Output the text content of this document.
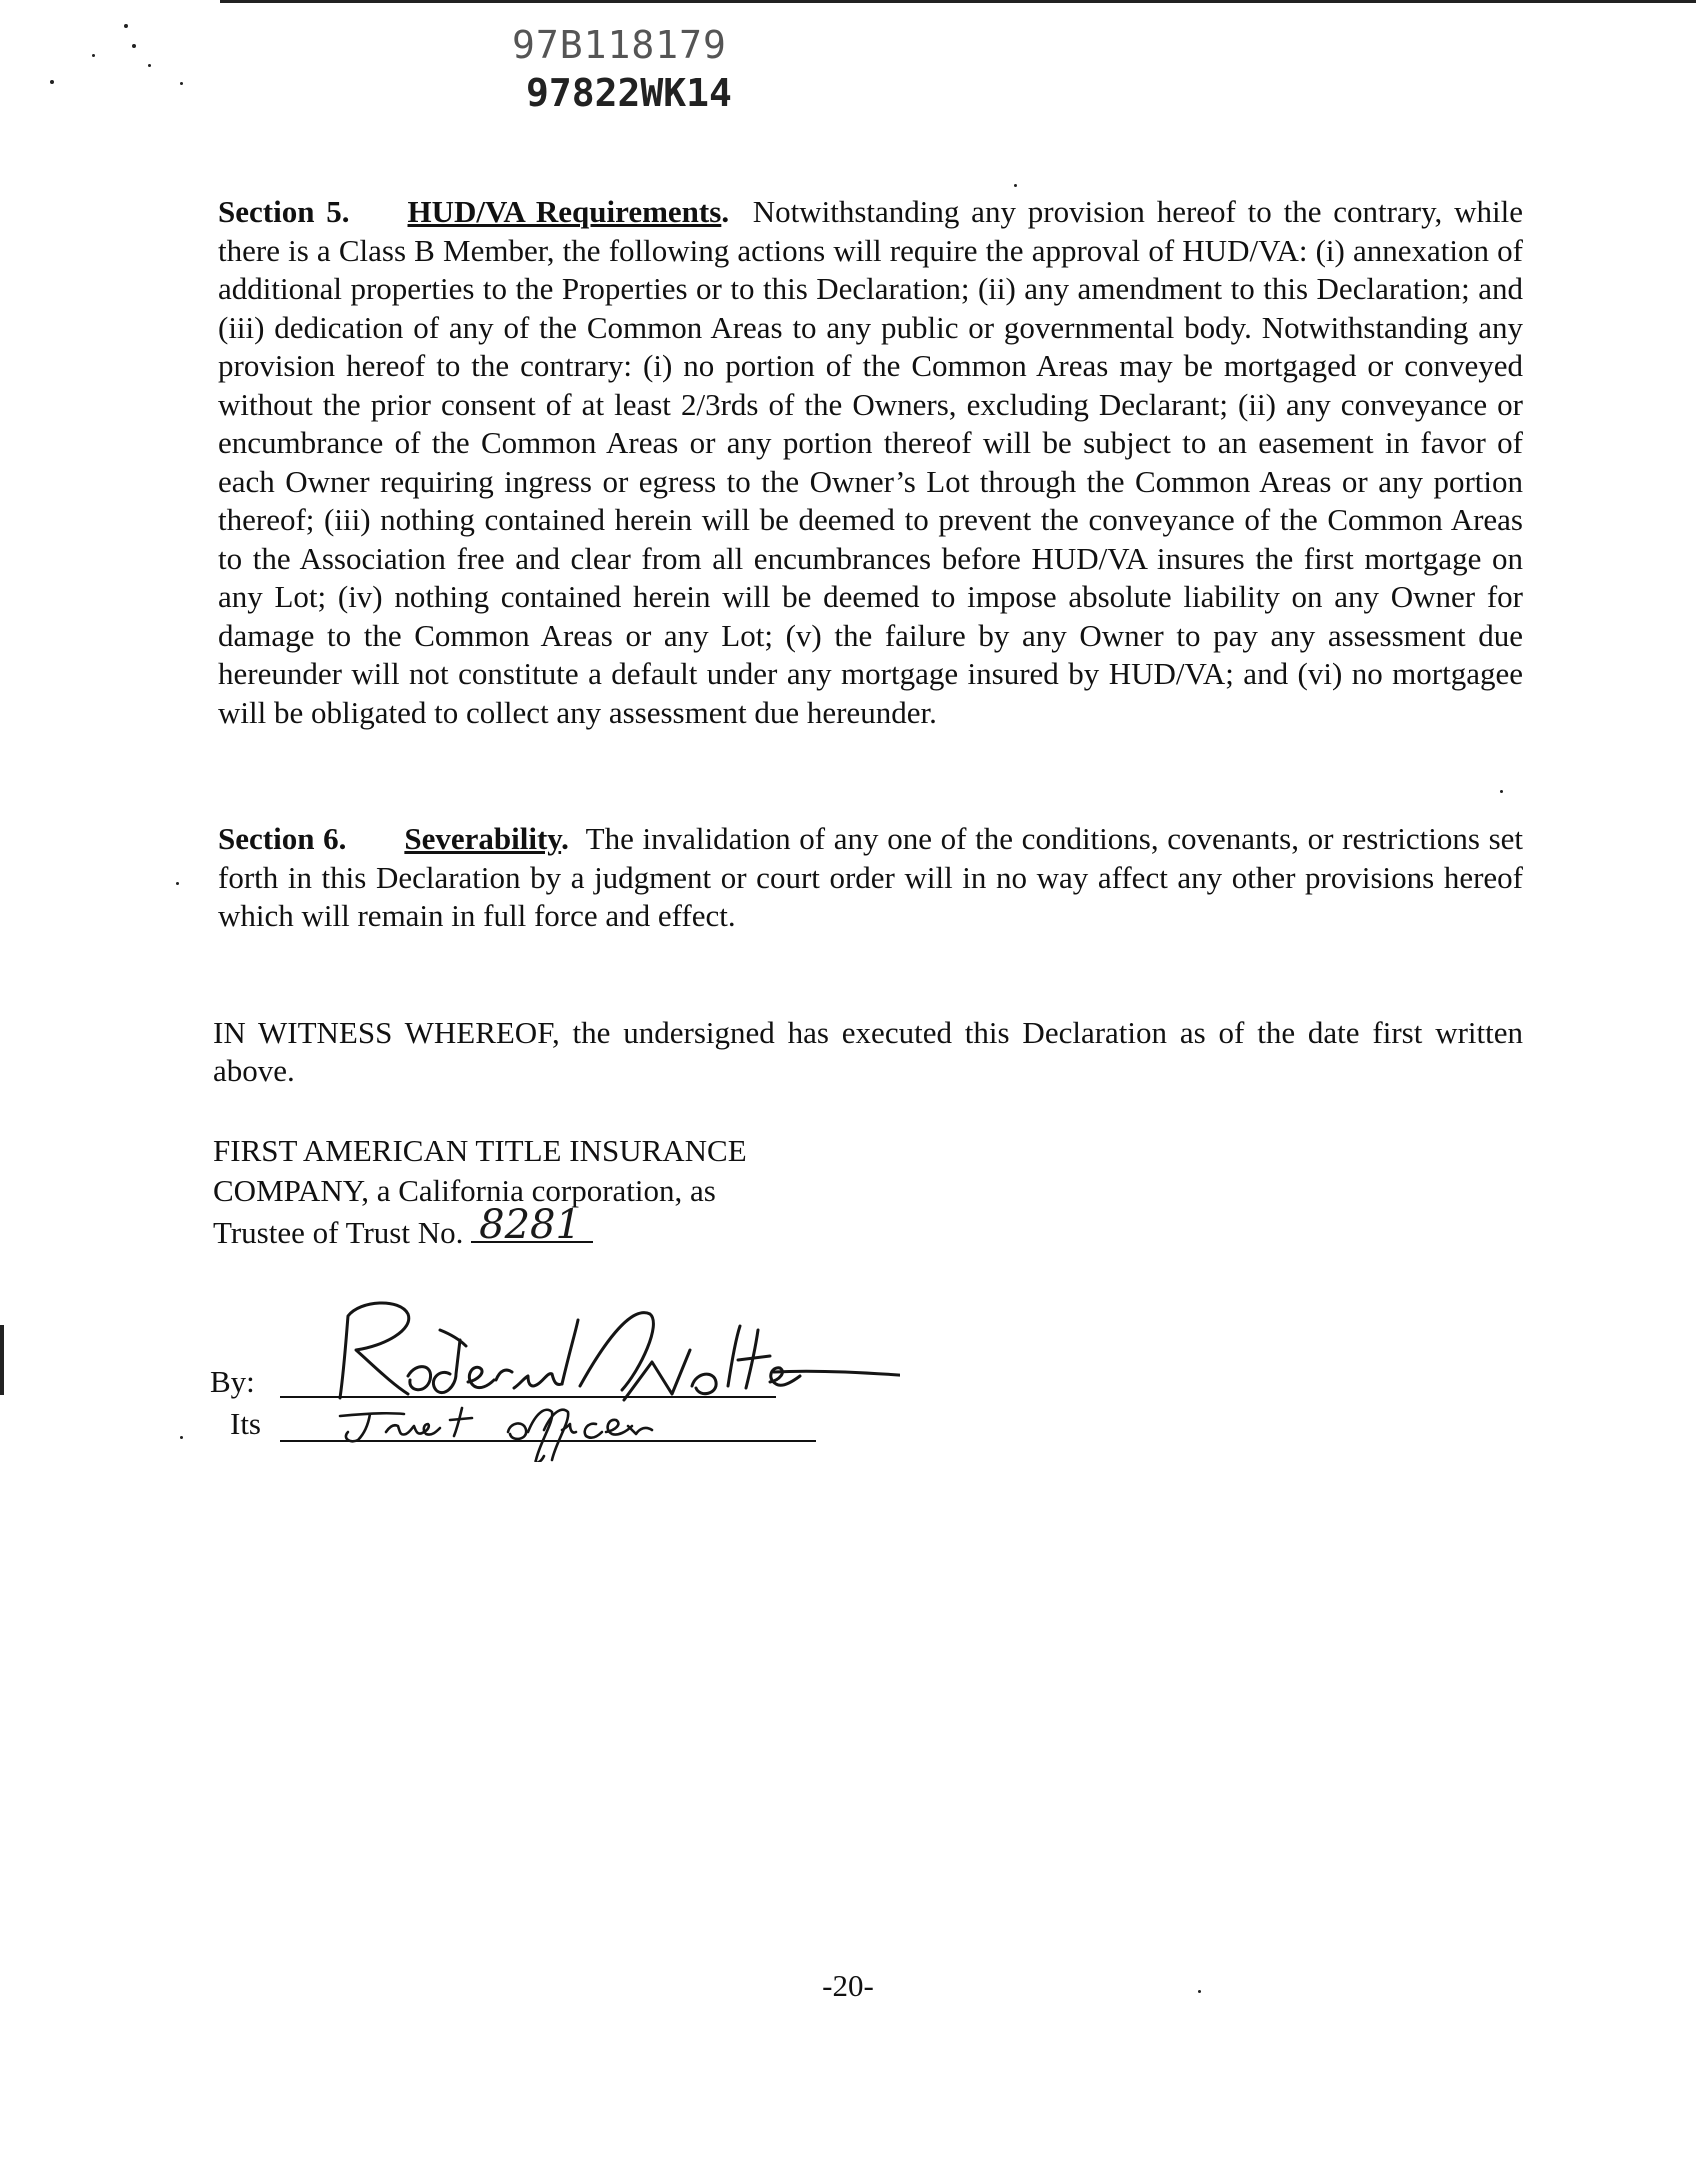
97B118179
97822WK14
Section 5. HUD/VA Requirements. Notwithstanding any provision hereof to the contrary, while there is a Class B Member, the following actions will require the approval of HUD/VA: (i) annexation of additional properties to the Properties or to this Declaration; (ii) any amendment to this Declaration; and (iii) dedication of any of the Common Areas to any public or governmental body. Notwithstanding any provision hereof to the contrary: (i) no portion of the Common Areas may be mortgaged or conveyed without the prior consent of at least 2/3rds of the Owners, excluding Declarant; (ii) any conveyance or encumbrance of the Common Areas or any portion thereof will be subject to an easement in favor of each Owner requiring ingress or egress to the Owner’s Lot through the Common Areas or any portion thereof; (iii) nothing contained herein will be deemed to prevent the conveyance of the Common Areas to the Association free and clear from all encumbrances before HUD/VA insures the first mortgage on any Lot; (iv) nothing contained herein will be deemed to impose absolute liability on any Owner for damage to the Common Areas or any Lot; (v) the failure by any Owner to pay any assessment due hereunder will not constitute a default under any mortgage insured by HUD/VA; and (vi) no mortgagee will be obligated to collect any assessment due hereunder.
Section 6. Severability. The invalidation of any one of the conditions, covenants, or restrictions set forth in this Declaration by a judgment or court order will in no way affect any other provisions hereof which will remain in full force and effect.
IN WITNESS WHEREOF, the undersigned has executed this Declaration as of the date first written above.
FIRST AMERICAN TITLE INSURANCE
COMPANY, a California corporation, as
Trustee of Trust No. 8281
By:
Its
-20-
